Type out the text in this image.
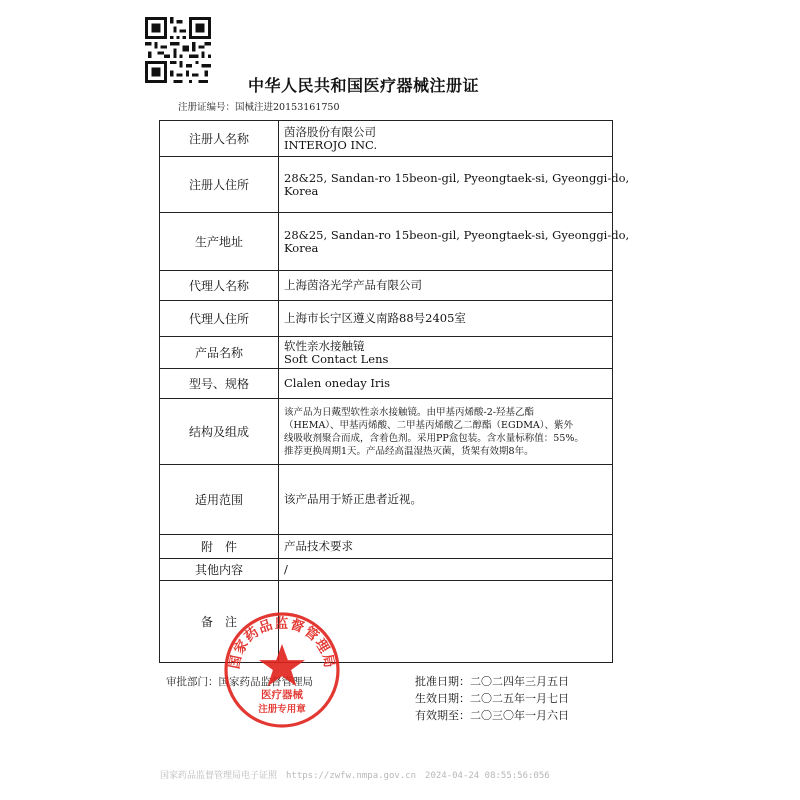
中华人民共和国医疗器械注册证
注册证编号：国械注进20153161750
注册人名称	茵洛股份有限公司
INTEROJO INC.

注册人住所	28&25, Sandan-ro 15beon-gil, Pyeongtaek-si, Gyeonggi-do,
Korea

生产地址	28&25, Sandan-ro 15beon-gil, Pyeongtaek-si, Gyeonggi-do,
Korea

代理人名称	上海茵洛光学产品有限公司

代理人住所	上海市长宁区遵义南路88号2405室

产品名称	软性亲水接触镜
Soft Contact Lens

型号、规格	Clalen oneday Iris

结构及组成	该产品为日戴型软性亲水接触镜。由甲基丙烯酸-2-羟基乙酯
（HEMA）、甲基丙烯酸、二甲基丙烯酸乙二醇酯（EGDMA）、紫外
线吸收剂聚合而成，含着色剂。采用PP盒包装。含水量标称值：55%。
推荐更换周期1天。产品经高温湿热灭菌，货架有效期8年。

适用范围	该产品用于矫正患者近视。

附　件	产品技术要求

其他内容	/

备　注	
审批部门：国家药品监督管理局	批准日期：二〇二四年三月五日
生效日期：二〇二五年一月七日
有效期至：二〇三〇年一月六日
国家药品监督管理局
医疗器械
注册专用章
国家药品监督管理局电子证照　https://zwfw.nmpa.gov.cn　2024-04-24 08:55:56:056
